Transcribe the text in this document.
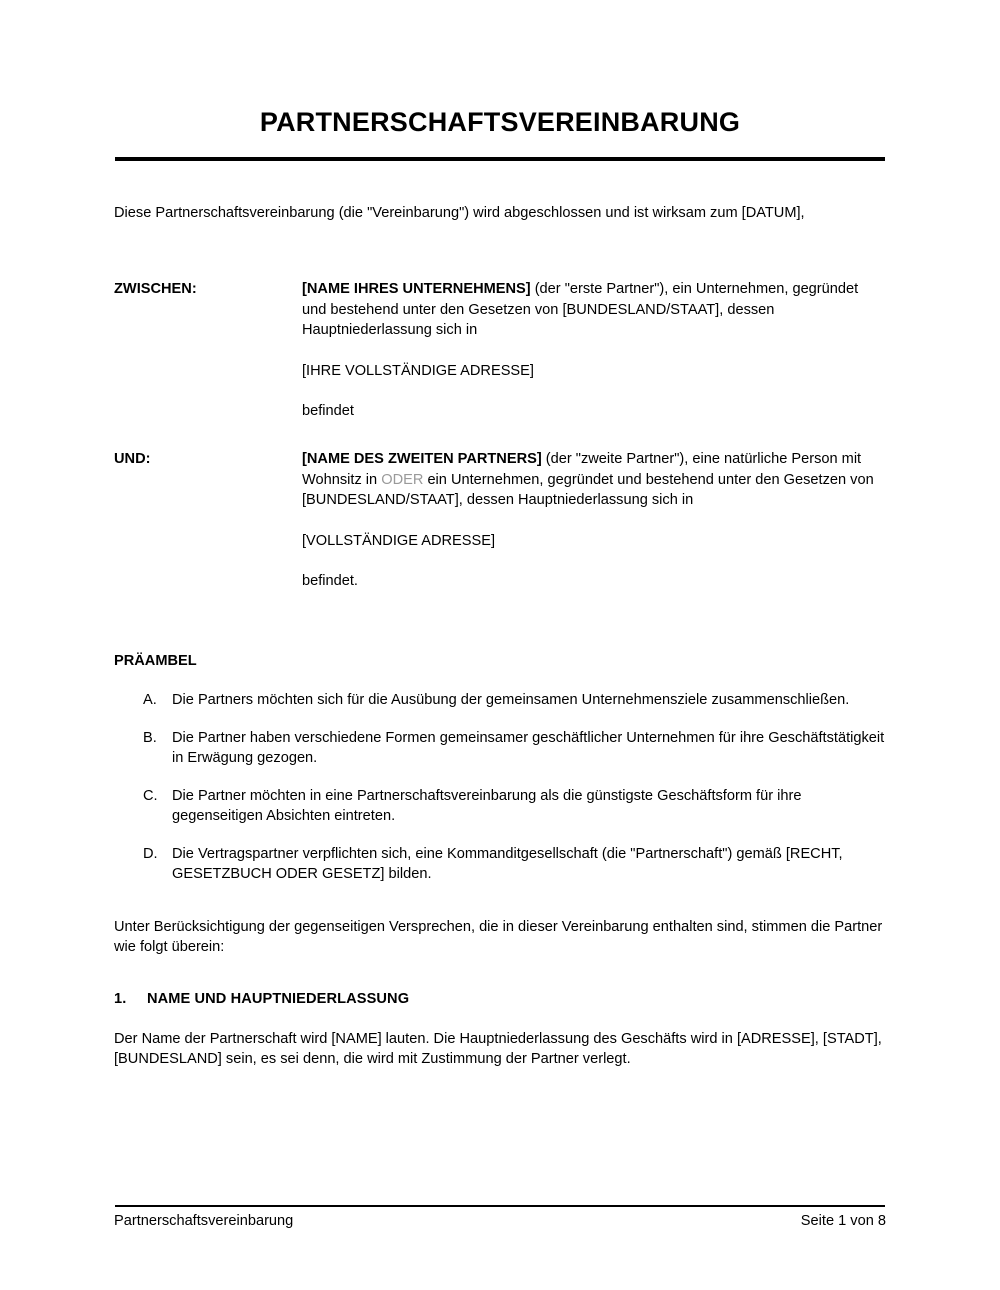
PARTNERSCHAFTSVEREINBARUNG
Diese Partnerschaftsvereinbarung (die "Vereinbarung") wird abgeschlossen und ist wirksam zum [DATUM],
ZWISCHEN:	[NAME IHRES UNTERNEHMENS] (der "erste Partner"), ein Unternehmen, gegründet und bestehend unter den Gesetzen von [BUNDESLAND/STAAT], dessen Hauptniederlassung sich in

[IHRE VOLLSTÄNDIGE ADRESSE]

befindet

UND:	[NAME DES ZWEITEN PARTNERS] (der "zweite Partner"), eine natürliche Person mit Wohnsitz in ODER ein Unternehmen, gegründet und bestehend unter den Gesetzen von [BUNDESLAND/STAAT], dessen Hauptniederlassung sich in

[VOLLSTÄNDIGE ADRESSE]

befindet.

PRÄAMBEL
A.	Die Partners möchten sich für die Ausübung der gemeinsamen Unternehmensziele zusammenschließen.
B.	Die Partner haben verschiedene Formen gemeinsamer geschäftlicher Unternehmen für ihre Geschäftstätigkeit in Erwägung gezogen.
C. Die Partner möchten in eine Partnerschaftsvereinbarung als die günstigste Geschäftsform für ihre gegenseitigen Absichten eintreten.
D. Die Vertragspartner verpflichten sich, eine Kommanditgesellschaft (die "Partnerschaft") gemäß [RECHT, GESETZBUCH ODER GESETZ] bilden.
Unter Berücksichtigung der gegenseitigen Versprechen, die in dieser Vereinbarung enthalten sind, stimmen die Partner wie folgt überein:
1. NAME UND HAUPTNIEDERLASSUNG
Der Name der Partnerschaft wird [NAME] lauten. Die Hauptniederlassung des Geschäfts wird in [ADRESSE], [STADT], [BUNDESLAND] sein, es sei denn, die wird mit Zustimmung der Partner verlegt.
Partnerschaftsvereinbarung	Seite 1 von 8
